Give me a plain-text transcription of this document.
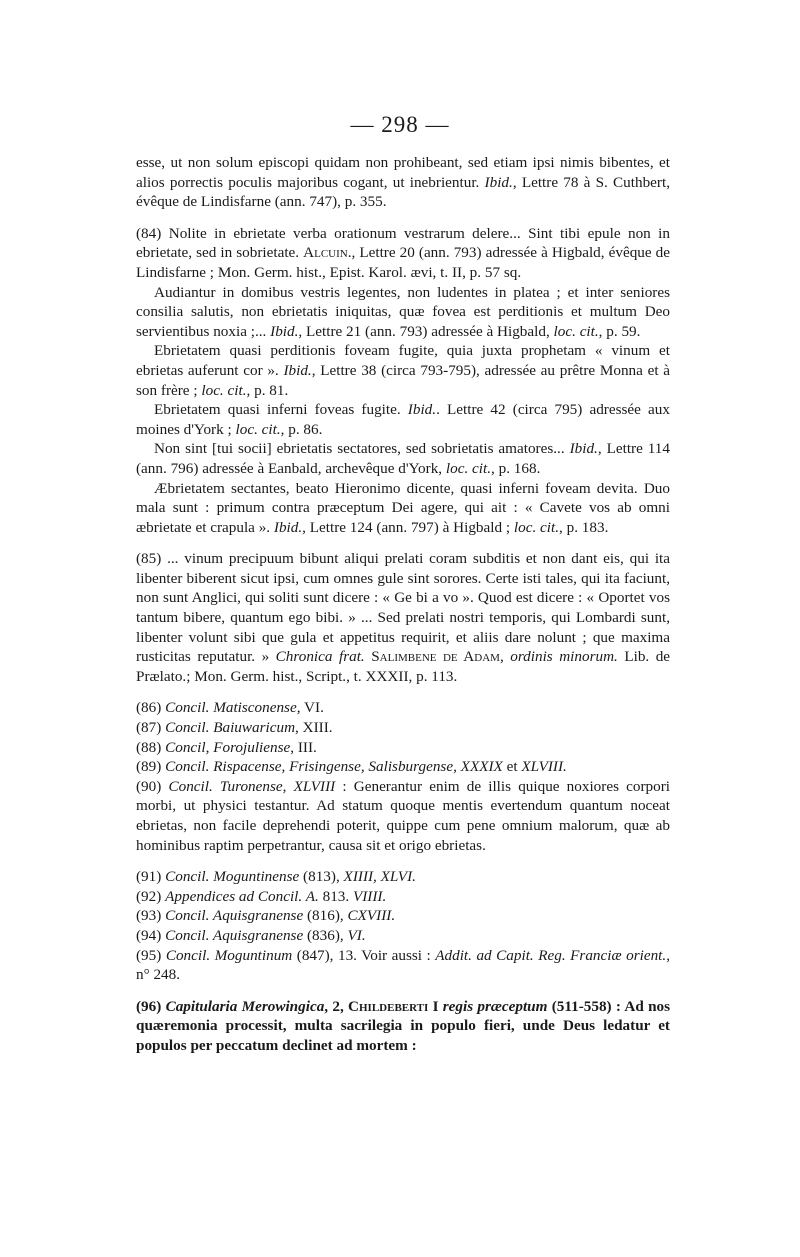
— 298 —

esse, ut non solum episcopi quidam non prohibeant, sed etiam ipsi nimis bibentes, et alios porrectis poculis majoribus cogant, ut inebrientur. Ibid., Lettre 78 à S. Cuthbert, évêque de Lindisfarne (ann. 747), p. 355.

(84) Nolite in ebrietate verba orationum vestrarum delere... Sint tibi epule non in ebrietate, sed in sobrietate. Alcuin., Lettre 20 (ann. 793) adressée à Higbald, évêque de Lindisfarne ; Mon. Germ. hist., Epist. Karol. ævi, t. II, p. 57 sq.

Audiantur in domibus vestris legentes, non ludentes in platea ; et inter seniores consilia salutis, non ebrietatis iniquitas, quæ fovea est perditionis et multum Deo servientibus noxia ;... Ibid., Lettre 21 (ann. 793) adressée à Higbald, loc. cit., p. 59.

Ebrietatem quasi perditionis foveam fugite, quia juxta prophetam « vinum et ebrietas auferunt cor ». Ibid., Lettre 38 (circa 793-795), adressée au prêtre Monna et à son frère ; loc. cit., p. 81.

Ebrietatem quasi inferni foveas fugite. Ibid.. Lettre 42 (circa 795) adressée aux moines d'York ; loc. cit., p. 86.

Non sint [tui socii] ebrietatis sectatores, sed sobrietatis amatores... Ibid., Lettre 114 (ann. 796) adressée à Eanbald, archevêque d'York, loc. cit., p. 168.

Æbrietatem sectantes, beato Hieronimo dicente, quasi inferni foveam devita. Duo mala sunt : primum contra præceptum Dei agere, qui ait : « Cavete vos ab omni æbrietate et crapula ». Ibid., Lettre 124 (ann. 797) à Higbald ; loc. cit., p. 183.

(85) ... vinum precipuum bibunt aliqui prelati coram subditis et non dant eis, qui ita libenter biberent sicut ipsi, cum omnes gule sint sorores. Certe isti tales, qui ita faciunt, non sunt Anglici, qui soliti sunt dicere : « Ge bi a vo ». Quod est dicere : « Oportet vos tantum bibere, quantum ego bibi. » ... Sed prelati nostri temporis, qui Lombardi sunt, libenter volunt sibi que gula et appetitus requirit, et aliis dare nolunt ; que maxima rusticitas reputatur. » Chronica frat. Salimbene de Adam, ordinis minorum. Lib. de Prælato.; Mon. Germ. hist., Script., t. XXXII, p. 113.

(86) Concil. Matisconense, VI.

(87) Concil. Baiuwaricum, XIII.

(88) Concil, Forojuliense, III.

(89) Concil. Rispacense, Frisingense, Salisburgense, XXXIX et XLVIII.

(90) Concil. Turonense, XLVIII : Generantur enim de illis quique noxiores corpori morbi, ut physici testantur. Ad statum quoque mentis evertendum quantum noceat ebrietas, non facile deprehendi poterit, quippe cum pene omnium malorum, quæ ab hominibus raptim perpetrantur, causa sit et origo ebrietas.

(91) Concil. Moguntinense (813), XIIII, XLVI.

(92) Appendices ad Concil. A. 813. VIIII.

(93) Concil. Aquisgranense (816), CXVIII.

(94) Concil. Aquisgranense (836), VI.

(95) Concil. Moguntinum (847), 13. Voir aussi : Addit. ad Capit. Reg. Franciæ orient., n° 248.

(96) Capitularia Merowingica, 2, Childeberti I regis præceptum (511-558) : Ad nos quæremonia processit, multa sacrilegia in populo fieri, unde Deus ledatur et populos per peccatum declinet ad mortem :
